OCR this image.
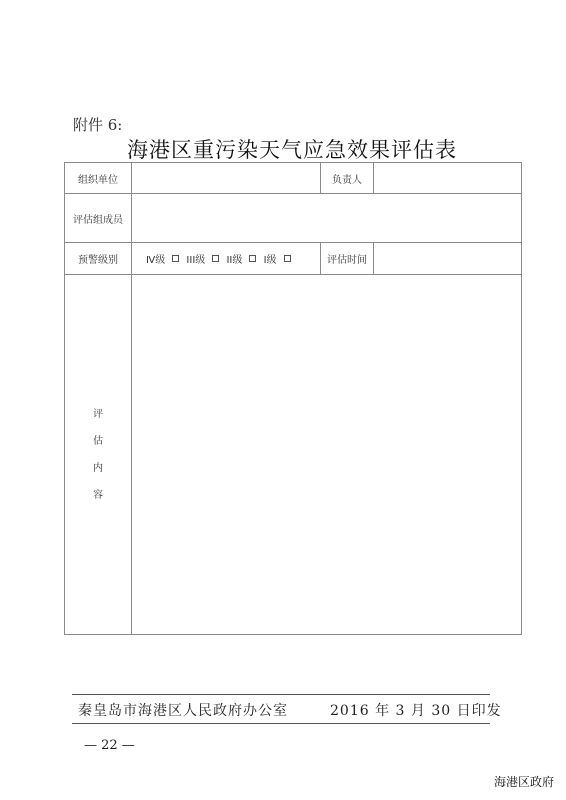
附件 6:
海港区重污染天气应急效果评估表
组织单位		负责人	
评估组成员			
预警级别	Ⅳ级 III级 II级 Ⅰ级	评估时间	

评
估
内
容			

秦皇岛市海港区人民政府办公室	2016 年 3 月 30 日印发
— 22 —
海港区政府
